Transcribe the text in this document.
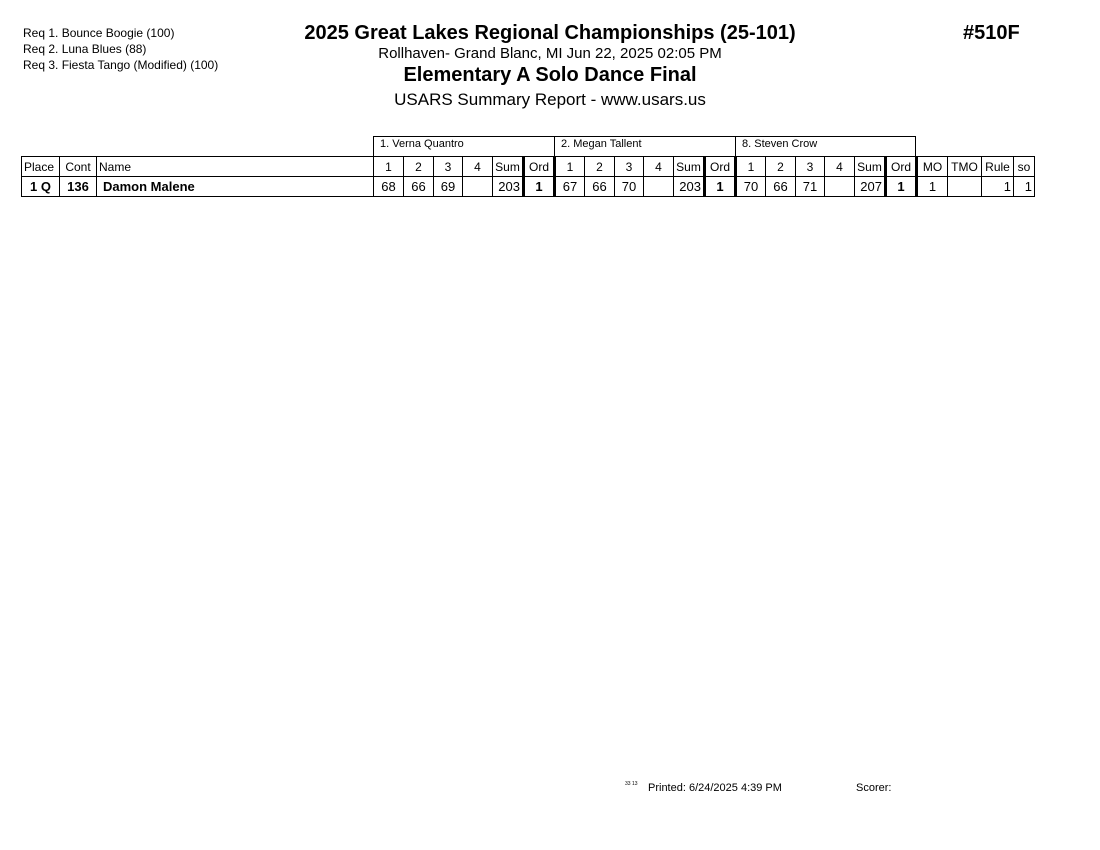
Req 1. Bounce Boogie (100)
Req 2. Luna Blues (88)
Req 3. Fiesta Tango (Modified) (100)
2025 Great Lakes Regional Championships (25-101)
Rollhaven- Grand Blanc, MI Jun 22, 2025 02:05 PM
Elementary A Solo Dance Final
USARS Summary Report - www.usars.us
#510F
1. Verna Quantro	2. Megan Tallent	8. Steven Crow
Place	Cont	Name	1	2	3	4	Sum	Ord	1	2	3	4	Sum	Ord	1	2	3	4	Sum	Ord	MO	TMO	Rule	so
1 Q	136	Damon Malene	68	66	69		203	1	67	66	70		203	1	70	66	71		207	1	1		1	1
33 13 Printed: 6/24/2025 4:39 PM	Scorer:
